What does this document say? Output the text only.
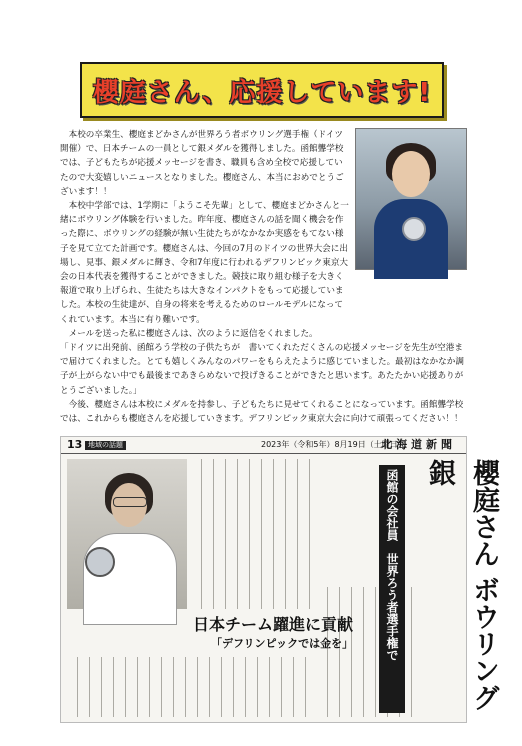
櫻庭さん、応援しています!

本校の卒業生、櫻庭まどかさんが世界ろう者ボウリング選手権（ドイツ開催）で、日本チームの一員として銀メダルを獲得しました。函館聾学校では、子どもたちが応援メッセージを書き、職員も含め全校で応援していたので大変嬉しいニュースとなりました。櫻庭さん、本当におめでとうございます！！

本校中学部では、1学期に「ようこそ先輩」として、櫻庭まどかさんと一緒にボウリング体験を行いました。昨年度、櫻庭さんの話を聞く機会を作った際に、ボウリングの経験が無い生徒たちがなかなか実感をもてない様子を見て立てた計画です。櫻庭さんは、今回の7月のドイツの世界大会に出場し、見事、銀メダルに輝き、令和7年度に行われるデフリンピック東京大会の日本代表を獲得することができました。競技に取り組む様子を大きく報道で取り上げられ、生徒たちは大きなインパクトをもって応援していました。本校の生徒達が、自身の将来を考えるためのロールモデルになってくれています。本当に有り難いです。

メールを送った私に櫻庭さんは、次のように返信をくれました。

「ドイツに出発前、函館ろう学校の子供たちが　書いてくれただくさんの応援メッセージを先生が空港まで届けてくれました。とても嬉しくみんなのパワーをもらえたように感じていました。最初はなかなか調子が上がらない中でも最後まであきらめないで投げきることができたと思います。あたたかい応援ありがとうございました。」

今後、櫻庭さんは本校にメダルを持参し、子どもたちに見せてくれることになっています。函館聾学校では、これからも櫻庭さんを応援していきます。デフリンピック東京大会に向けて頑張ってください！！

13 地域の話題	2023年（令和5年）8月19日（土曜日）
北海道新聞
日本チーム躍進に貢献
「デフリンピックでは金を」	函館の会社員　世界ろう者選手権で	櫻庭さん ボウリング銀
